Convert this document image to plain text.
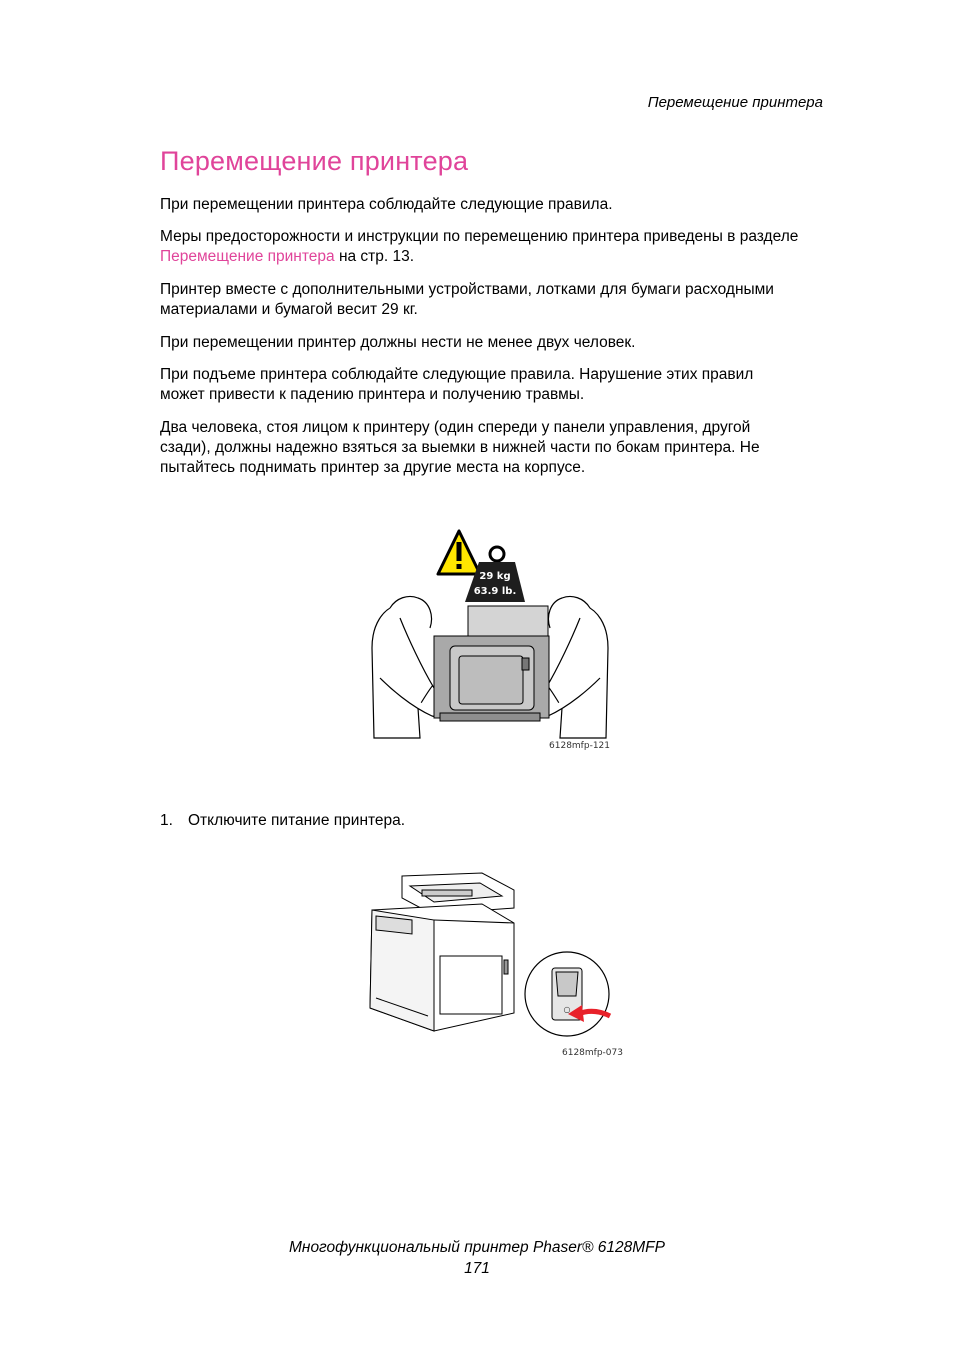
Перемещение принтера
Перемещение принтера

При перемещении принтера соблюдайте следующие правила.

Меры предосторожности и инструкции по перемещению принтера приведены в разделе Перемещение принтера на стр. 13.

Принтер вместе с дополнительными устройствами, лотками для бумаги расходными материалами и бумагой весит 29 кг.

При перемещении принтер должны нести не менее двух человек.

При подъеме принтера соблюдайте следующие правила. Нарушение этих правил может привести к падению принтера и получению травмы.

Два человека, стоя лицом к принтеру (один спереди у панели управления, другой сзади), должны надежно взяться за выемки в нижней части по бокам принтера. Не пытайтесь поднимать принтер за другие места на корпусе.

29 kg
63.9 lb.
6128mfp-121
1. Отключите питание принтера.
○
6128mfp-073
Многофункциональный принтер Phaser® 6128MFP
171
